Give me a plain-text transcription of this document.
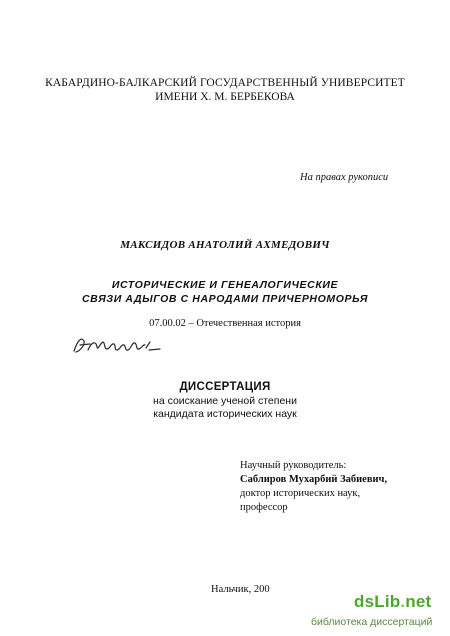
КАБАРДИНО-БАЛКАРСКИЙ ГОСУДАРСТВЕННЫЙ УНИВЕРСИТЕТ
ИМЕНИ Х. М. БЕРБЕКОВА
На правах рукописи
МАКСИДОВ АНАТОЛИЙ АХМЕДОВИЧ
ИСТОРИЧЕСКИЕ И ГЕНЕАЛОГИЧЕСКИЕ
СВЯЗИ АДЫГОВ С НАРОДАМИ ПРИЧЕРНОМОРЬЯ
07.00.02 – Отечественная история
ДИССЕРТАЦИЯ
на соискание ученой степени
кандидата исторических наук
Научный руководитель:
Саблиров Мухарбий Забиевич,
доктор исторических наук,
профессор
Нальчик, 200
dsLib.net
библиотека диссертаций
